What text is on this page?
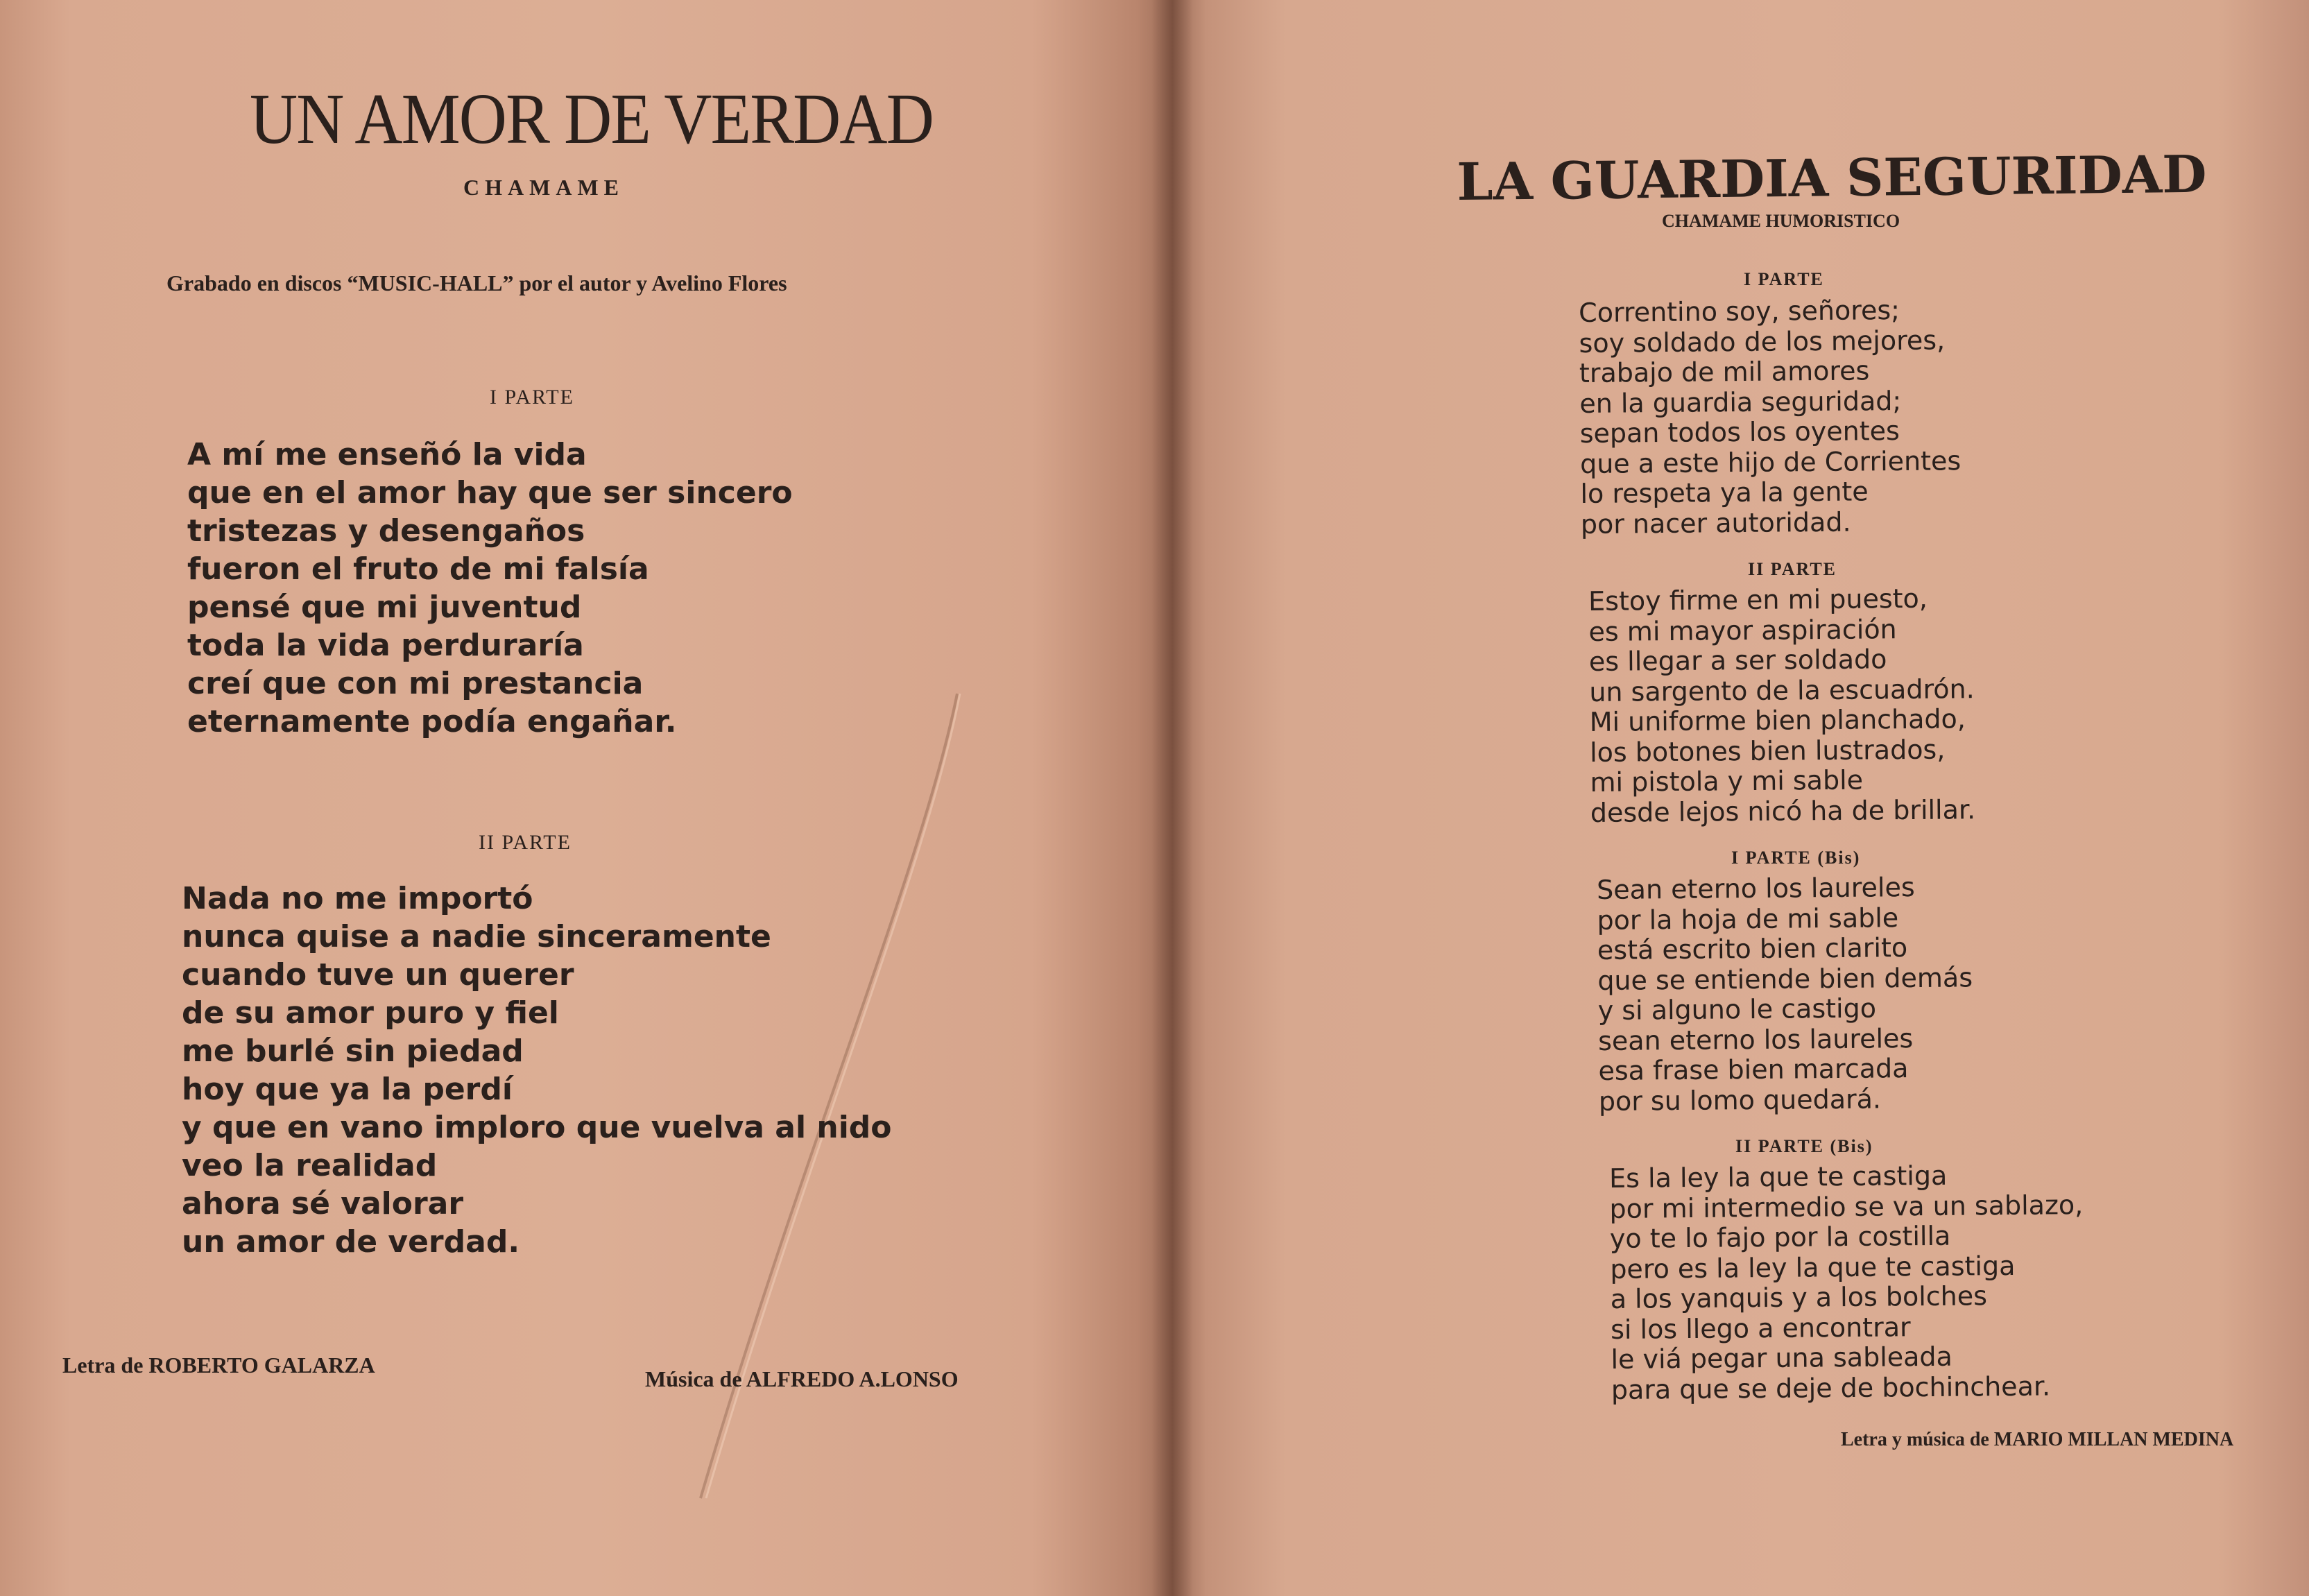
UN AMOR DE VERDAD
CHAMAME
Grabado en discos “MUSIC-HALL” por el autor y Avelino Flores
I PARTE
A mí me enseñó la vida
que en el amor hay que ser sincero
tristezas y desengaños
fueron el fruto de mi falsía
pensé que mi juventud
toda la vida perduraría
creí que con mi prestancia
eternamente podía engañar.
II PARTE
Nada no me importó
nunca quise a nadie sinceramente
cuando tuve un querer
de su amor puro y fiel
me burlé sin piedad
hoy que ya la perdí
y que en vano imploro que vuelva al nido
veo la realidad
ahora sé valorar
un amor de verdad.
Letra de ROBERTO GALARZA
Música de ALFREDO A.LONSO
LA GUARDIA SEGURIDAD
CHAMAME HUMORISTICO
I PARTE
Correntino soy, señores;
soy soldado de los mejores,
trabajo de mil amores
en la guardia seguridad;
sepan todos los oyentes
que a este hijo de Corrientes
lo respeta ya la gente
por nacer autoridad.
II PARTE
Estoy firme en mi puesto,
es mi mayor aspiración
es llegar a ser soldado
un sargento de la escuadrón.
Mi uniforme bien planchado,
los botones bien lustrados,
mi pistola y mi sable
desde lejos nicó ha de brillar.
I PARTE (Bis)
Sean eterno los laureles
por la hoja de mi sable
está escrito bien clarito
que se entiende bien demás
y si alguno le castigo
sean eterno los laureles
esa frase bien marcada
por su lomo quedará.
II PARTE (Bis)
Es la ley la que te castiga
por mi intermedio se va un sablazo,
yo te lo fajo por la costilla
pero es la ley la que te castiga
a los yanquis y a los bolches
si los llego a encontrar
le viá pegar una sableada
para que se deje de bochinchear.
Letra y música de MARIO MILLAN MEDINA
